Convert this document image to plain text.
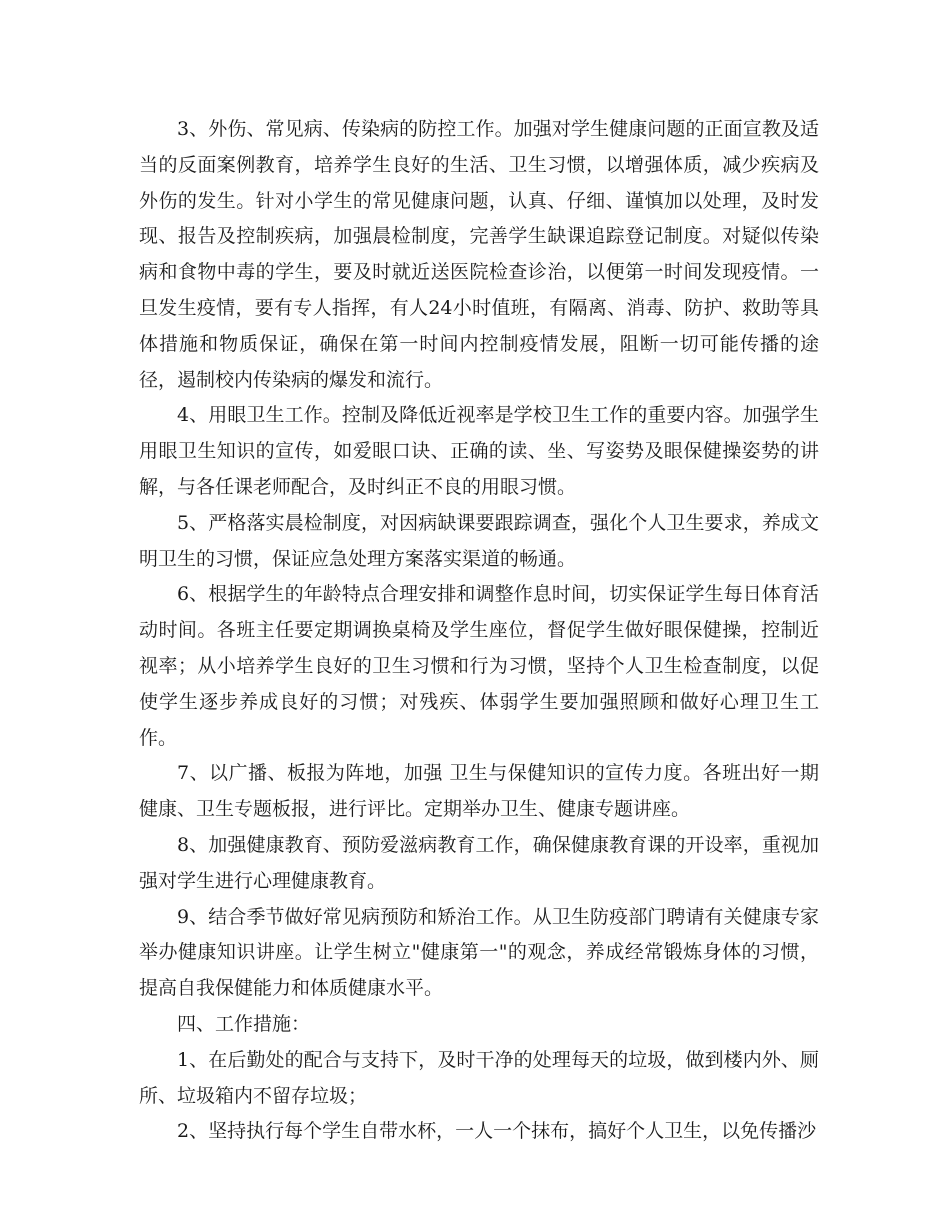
3、外伤、常见病、传染病的防控工作。加强对学生健康问题的正面宣教及适当的反面案例教育，培养学生良好的生活、卫生习惯，以增强体质，减少疾病及外伤的发生。针对小学生的常见健康问题，认真、仔细、谨慎加以处理，及时发现、报告及控制疾病，加强晨检制度，完善学生缺课追踪登记制度。对疑似传染病和食物中毒的学生，要及时就近送医院检查诊治，以便第一时间发现疫情。一旦发生疫情，要有专人指挥，有人24小时值班，有隔离、消毒、防护、救助等具体措施和物质保证，确保在第一时间内控制疫情发展，阻断一切可能传播的途径，遏制校内传染病的爆发和流行。

4、用眼卫生工作。控制及降低近视率是学校卫生工作的重要内容。加强学生用眼卫生知识的宣传，如爱眼口诀、正确的读、坐、写姿势及眼保健操姿势的讲解，与各任课老师配合，及时纠正不良的用眼习惯。

5、严格落实晨检制度，对因病缺课要跟踪调查，强化个人卫生要求，养成文明卫生的习惯，保证应急处理方案落实渠道的畅通。

6、根据学生的年龄特点合理安排和调整作息时间，切实保证学生每日体育活动时间。各班主任要定期调换桌椅及学生座位，督促学生做好眼保健操，控制近视率；从小培养学生良好的卫生习惯和行为习惯，坚持个人卫生检查制度，以促使学生逐步养成良好的习惯；对残疾、体弱学生要加强照顾和做好心理卫生工作。

7、以广播、板报为阵地，加强 卫生与保健知识的宣传力度。各班出好一期健康、卫生专题板报，进行评比。定期举办卫生、健康专题讲座。

8、加强健康教育、预防爱滋病教育工作，确保健康教育课的开设率，重视加强对学生进行心理健康教育。

9、结合季节做好常见病预防和矫治工作。从卫生防疫部门聘请有关健康专家举办健康知识讲座。让学生树立"健康第一"的观念，养成经常锻炼身体的习惯，提高自我保健能力和体质健康水平。

四、工作措施：

1、在后勤处的配合与支持下，及时干净的处理每天的垃圾，做到楼内外、厕所、垃圾箱内不留存垃圾；

2、坚持执行每个学生自带水杯，一人一个抹布，搞好个人卫生，以免传播沙
